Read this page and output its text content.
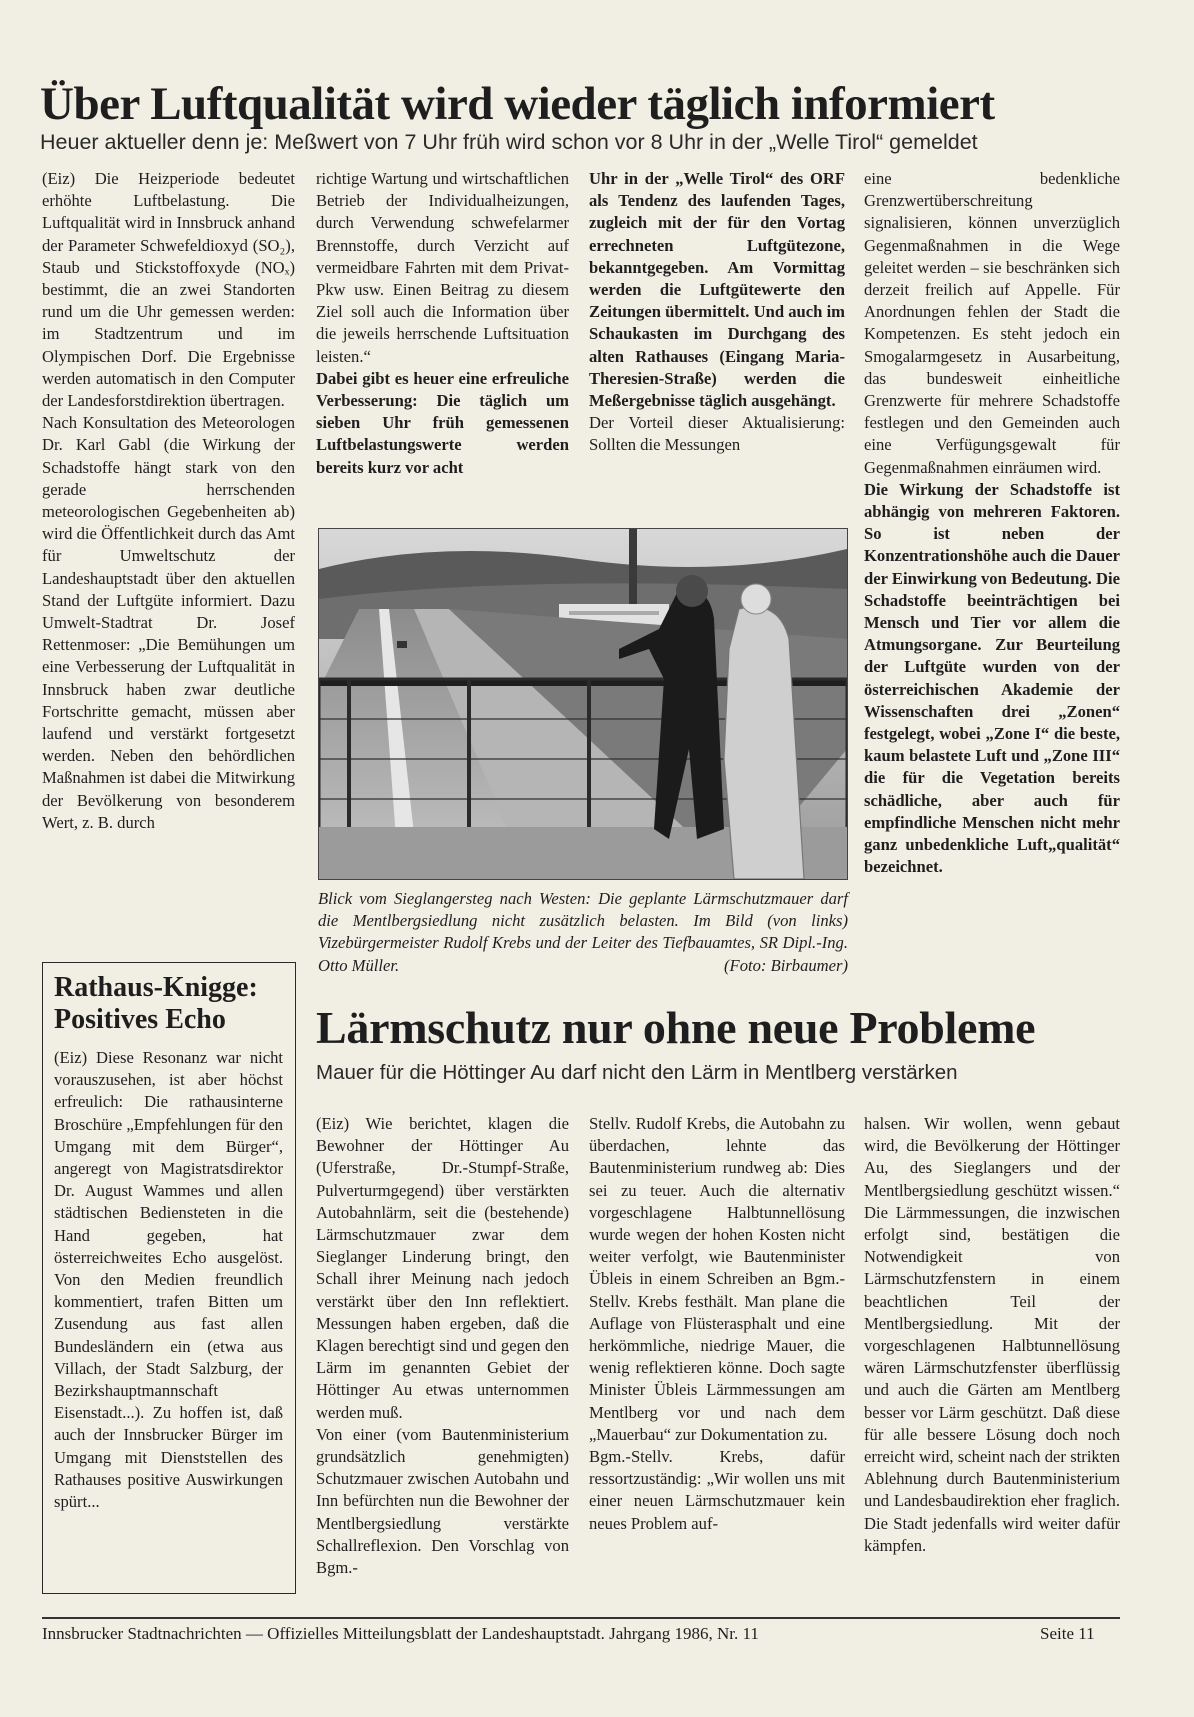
Über Luftqualität wird wieder täglich informiert
Heuer aktueller denn je: Meßwert von 7 Uhr früh wird schon vor 8 Uhr in der „Welle Tirol“ gemeldet

(Eiz) Die Heizperiode bedeutet erhöhte Luftbelastung. Die Luftqualität wird in Innsbruck anhand der Parameter Schwefeldioxyd (SO₂), Staub und Stickstoffoxyde (NOₓ) bestimmt, die an zwei Standorten rund um die Uhr gemessen werden: im Stadtzentrum und im Olympischen Dorf. Die Ergebnisse werden automatisch in den Computer der Landesforstdirektion übertragen.

Nach Konsultation des Meteorologen Dr. Karl Gabl (die Wirkung der Schadstoffe hängt stark von den gerade herrschenden meteorologischen Gegebenheiten ab) wird die Öffentlichkeit durch das Amt für Umweltschutz der Landeshauptstadt über den aktuellen Stand der Luftgüte informiert. Dazu Umwelt-Stadtrat Dr. Josef Rettenmoser: „Die Bemühungen um eine Verbesserung der Luftqualität in Innsbruck haben zwar deutliche Fortschritte gemacht, müssen aber laufend und verstärkt fortgesetzt werden. Neben den behördlichen Maßnahmen ist dabei die Mitwirkung der Bevölkerung von besonderem Wert, z. B. durch

richtige Wartung und wirtschaftlichen Betrieb der Individualheizungen, durch Verwendung schwefelarmer Brennstoffe, durch Verzicht auf vermeidbare Fahrten mit dem Privat-Pkw usw. Einen Beitrag zu diesem Ziel soll auch die Information über die jeweils herrschende Luftsituation leisten.“

Dabei gibt es heuer eine erfreuliche Verbesserung: Die täglich um sieben Uhr früh gemessenen Luftbelastungswerte werden bereits kurz vor acht

Uhr in der „Welle Tirol“ des ORF als Tendenz des laufenden Tages, zugleich mit der für den Vortag errechneten Luftgütezone, bekanntgegeben. Am Vormittag werden die Luftgütewerte den Zeitungen übermittelt. Und auch im Schaukasten im Durchgang des alten Rathauses (Eingang Maria-Theresien-Straße) werden die Meßergebnisse täglich ausgehängt.

Der Vorteil dieser Aktualisierung: Sollten die Messungen

eine bedenkliche Grenzwertüberschreitung signalisieren, können unverzüglich Gegenmaßnahmen in die Wege geleitet werden – sie beschränken sich derzeit freilich auf Appelle. Für Anordnungen fehlen der Stadt die Kompetenzen. Es steht jedoch ein Smogalarmgesetz in Ausarbeitung, das bundesweit einheitliche Grenzwerte für mehrere Schadstoffe festlegen und den Gemeinden auch eine Verfügungsgewalt für Gegenmaßnahmen einräumen wird.

Die Wirkung der Schadstoffe ist abhängig von mehreren Faktoren. So ist neben der Konzentrationshöhe auch die Dauer der Einwirkung von Bedeutung. Die Schadstoffe beeinträchtigen bei Mensch und Tier vor allem die Atmungsorgane. Zur Beurteilung der Luftgüte wurden von der österreichischen Akademie der Wissenschaften drei „Zonen“ festgelegt, wobei „Zone I“ die beste, kaum belastete Luft und „Zone III“ die für die Vegetation bereits schädliche, aber auch für empfindliche Menschen nicht mehr ganz unbedenkliche Luft„qualität“ bezeichnet.

Blick vom Sieglangersteg nach Westen: Die geplante Lärmschutzmauer darf die Mentlbergsiedlung nicht zusätzlich belasten. Im Bild (von links) Vizebürgermeister Rudolf Krebs und der Leiter des Tiefbauamtes, SR Dipl.-Ing. Otto Müller.	(Foto: Birbaumer)
Rathaus-Knigge: Positives Echo
(Eiz) Diese Resonanz war nicht vorauszusehen, ist aber höchst erfreulich: Die rathausinterne Broschüre „Empfehlungen für den Umgang mit dem Bürger“, angeregt von Magistratsdirektor Dr. August Wammes und allen städtischen Bediensteten in die Hand gegeben, hat österreichweites Echo ausgelöst. Von den Medien freundlich kommentiert, trafen Bitten um Zusendung aus fast allen Bundesländern ein (etwa aus Villach, der Stadt Salzburg, der Bezirkshauptmannschaft Eisenstadt...). Zu hoffen ist, daß auch der Innsbrucker Bürger im Umgang mit Dienststellen des Rathauses positive Auswirkungen spürt...
Lärmschutz nur ohne neue Probleme
Mauer für die Höttinger Au darf nicht den Lärm in Mentlberg verstärken

(Eiz) Wie berichtet, klagen die Bewohner der Höttinger Au (Uferstraße, Dr.-Stumpf-Straße, Pulverturmgegend) über verstärkten Autobahnlärm, seit die (bestehende) Lärmschutzmauer zwar dem Sieglanger Linderung bringt, den Schall ihrer Meinung nach jedoch verstärkt über den Inn reflektiert. Messungen haben ergeben, daß die Klagen berechtigt sind und gegen den Lärm im genannten Gebiet der Höttinger Au etwas unternommen werden muß.

Von einer (vom Bautenministerium grundsätzlich genehmigten) Schutzmauer zwischen Autobahn und Inn befürchten nun die Bewohner der Mentlbergsiedlung verstärkte Schallreflexion. Den Vorschlag von Bgm.-

Stellv. Rudolf Krebs, die Autobahn zu überdachen, lehnte das Bautenministerium rundweg ab: Dies sei zu teuer. Auch die alternativ vorgeschlagene Halbtunnellösung wurde wegen der hohen Kosten nicht weiter verfolgt, wie Bautenminister Übleis in einem Schreiben an Bgm.-Stellv. Krebs festhält. Man plane die Auflage von Flüsterasphalt und eine herkömmliche, niedrige Mauer, die wenig reflektieren könne. Doch sagte Minister Übleis Lärmmessungen am Mentlberg vor und nach dem „Mauerbau“ zur Dokumentation zu.

Bgm.-Stellv. Krebs, dafür ressortzuständig: „Wir wollen uns mit einer neuen Lärmschutzmauer kein neues Problem auf-

halsen. Wir wollen, wenn gebaut wird, die Bevölkerung der Höttinger Au, des Sieglangers und der Mentlbergsiedlung geschützt wissen.“ Die Lärmmessungen, die inzwischen erfolgt sind, bestätigen die Notwendigkeit von Lärmschutzfenstern in einem beachtlichen Teil der Mentlbergsiedlung. Mit der vorgeschlagenen Halbtunnellösung wären Lärmschutzfenster überflüssig und auch die Gärten am Mentlberg besser vor Lärm geschützt. Daß diese für alle bessere Lösung doch noch erreicht wird, scheint nach der strikten Ablehnung durch Bautenministerium und Landesbaudirektion eher fraglich. Die Stadt jedenfalls wird weiter dafür kämpfen.

Innsbrucker Stadtnachrichten — Offizielles Mitteilungsblatt der Landeshauptstadt. Jahrgang 1986, Nr. 11	Seite 11
